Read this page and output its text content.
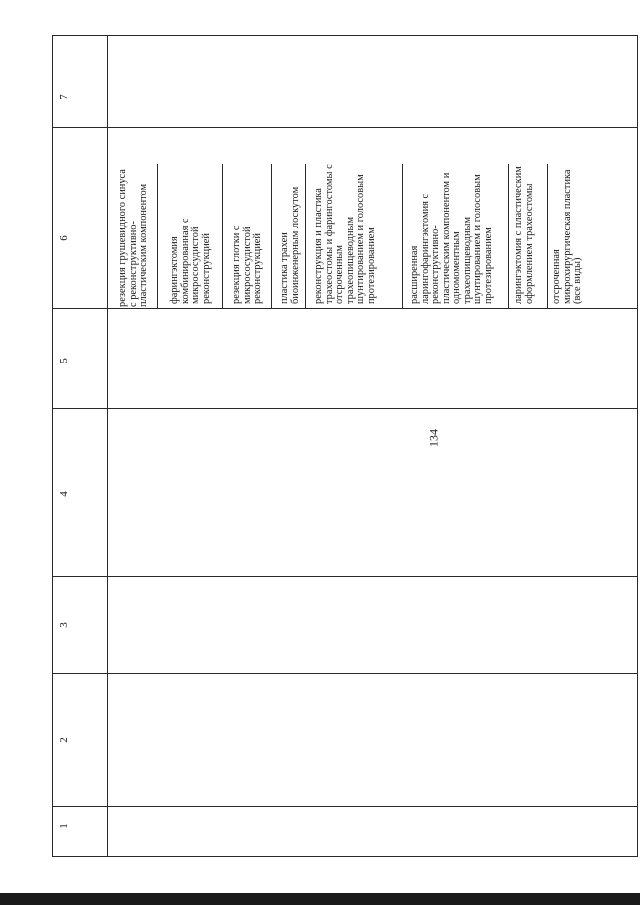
134
1
2
3
4
5
6
7
резекция грушевидного синуса с реконструктивно- пластическим компонентом фарингэктомия комбинированная с микрососудистой реконструкцией резекция глотки с микрососудистой реконструкцией пластика трахеи биоинженерным лоскутом реконструкция и пластика трахеостомы и фарингостомы с отсроченным трахеопищеводным шунтированием и голосовым протезированием	расширенная ларингофарингэктомия с реконструктивно- пластическим компонентом и одномоментным трахеопищеводным шунтированием и голосовым протезированием ларингэктомия с пластическим оформлением трахеостомы отсроченная микрохирургическая пластика (все виды)
